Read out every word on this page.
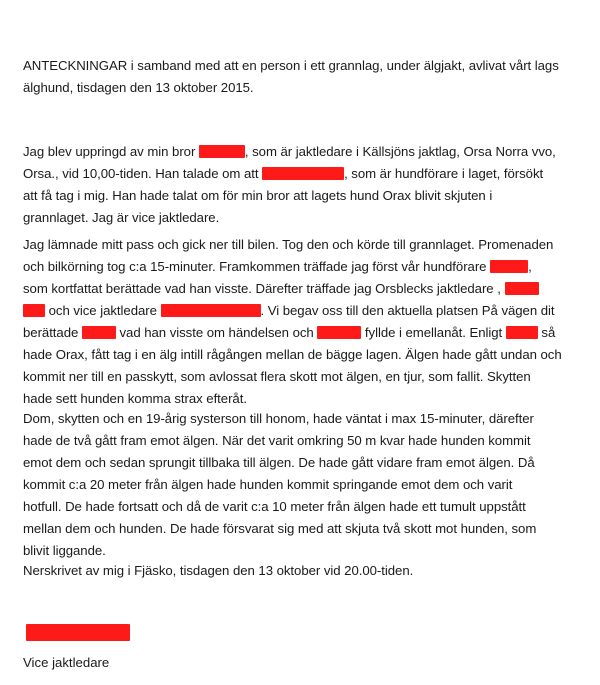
ANTECKNINGAR i samband med att en person i ett grannlag, under älgjakt, avlivat vårt lags
älghund, tisdagen den 13 oktober 2015.

Jag blev uppringd av min bror	, som är jaktledare i Källsjöns jaktlag, Orsa Norra vvo,
Orsa., vid 10,00-tiden. Han talade om att	, som är hundförare i laget, försökt
att få tag i mig. Han hade talat om för min bror att lagets hund Orax blivit skjuten i
grannlaget. Jag är vice jaktledare.

Jag lämnade mitt pass och gick ner till bilen. Tog den och körde till grannlaget. Promenaden
och bilkörning tog c:a 15-minuter. Framkommen träffade jag först vår hundförare	,
som kortfattat berättade vad han visste. Därefter träffade jag Orsblecks jaktledare ,
och vice jaktledare	. Vi begav oss till den aktuella platsen På vägen dit
berättade	vad han visste om händelsen och	fyllde i emellanåt. Enligt  så
hade Orax, fått tag i en älg intill rågången mellan de bägge lagen. Älgen hade gått undan och
kommit ner till en passkytt, som avlossat flera skott mot älgen, en tjur, som fallit. Skytten
hade sett hunden komma strax efteråt.

Dom, skytten och en 19-årig systerson till honom, hade väntat i max 15-minuter, därefter
hade de två gått fram emot älgen. När det varit omkring 50 m kvar hade hunden kommit
emot dem och sedan sprungit tillbaka till älgen. De hade gått vidare fram emot älgen. Då
kommit c:a 20 meter från älgen hade hunden kommit springande emot dem och varit
hotfull. De hade fortsatt och då de varit c:a 10 meter från älgen hade ett tumult uppstått
mellan dem och hunden. De hade försvarat sig med att skjuta två skott mot hunden, som
blivit liggande.

Nerskrivet av mig i Fjäsko, tisdagen den 13 oktober vid 20.00-tiden.

Vice jaktledare
